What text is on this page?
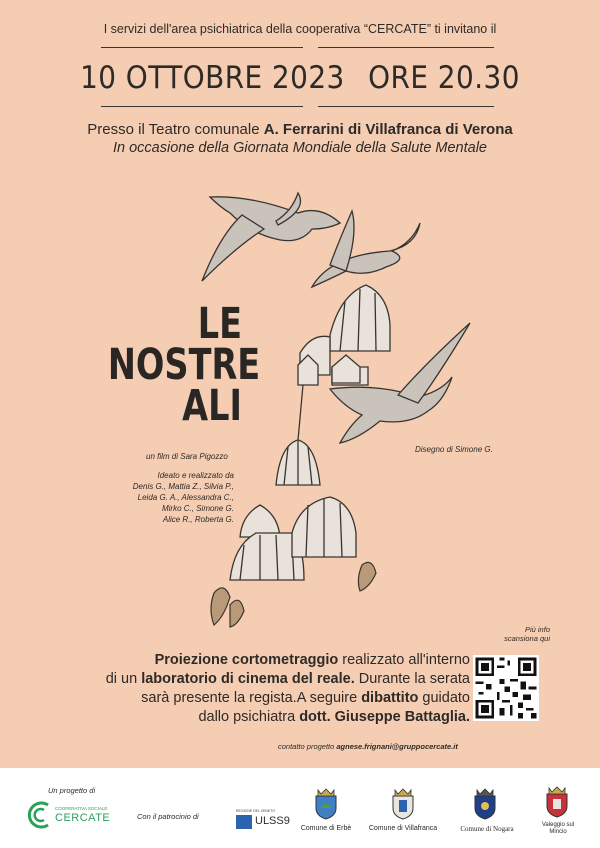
I servizi dell'area psichiatrica della cooperativa “CERCATE” ti invitano il
10 OTTOBRE 2023 ORE 20.30
Presso il Teatro comunale A. Ferrarini di Villafranca di Verona
In occasione della Giornata Mondiale della Salute Mentale
LE
NOSTRE
ALI
un film di Sara Pigozzo
Ideato e realizzato da
Denis G., Mattia Z., Silvia P.,
Leida G. A., Alessandra C.,
Mirko C., Simone G.
Alice R., Roberta G.
Disegno di Simone G.
Proiezione cortometraggio realizzato all'interno
di un laboratorio di cinema del reale. Durante la serata
sarà presente la regista.A seguire dibattito guidato
dallo psichiatra dott. Giuseppe Battaglia.
Più info
scansiona qui
contatto progetto agnese.frignani@gruppocercate.it
Un progetto di
COOPERATIVA SOCIALE
CERCATE	Con il patrocinio di
REGIONE DEL VENETO
ULSS9
Comune di Erbè	Comune di Villafranca	Comune di Nogara	Valeggio sul Mincio
